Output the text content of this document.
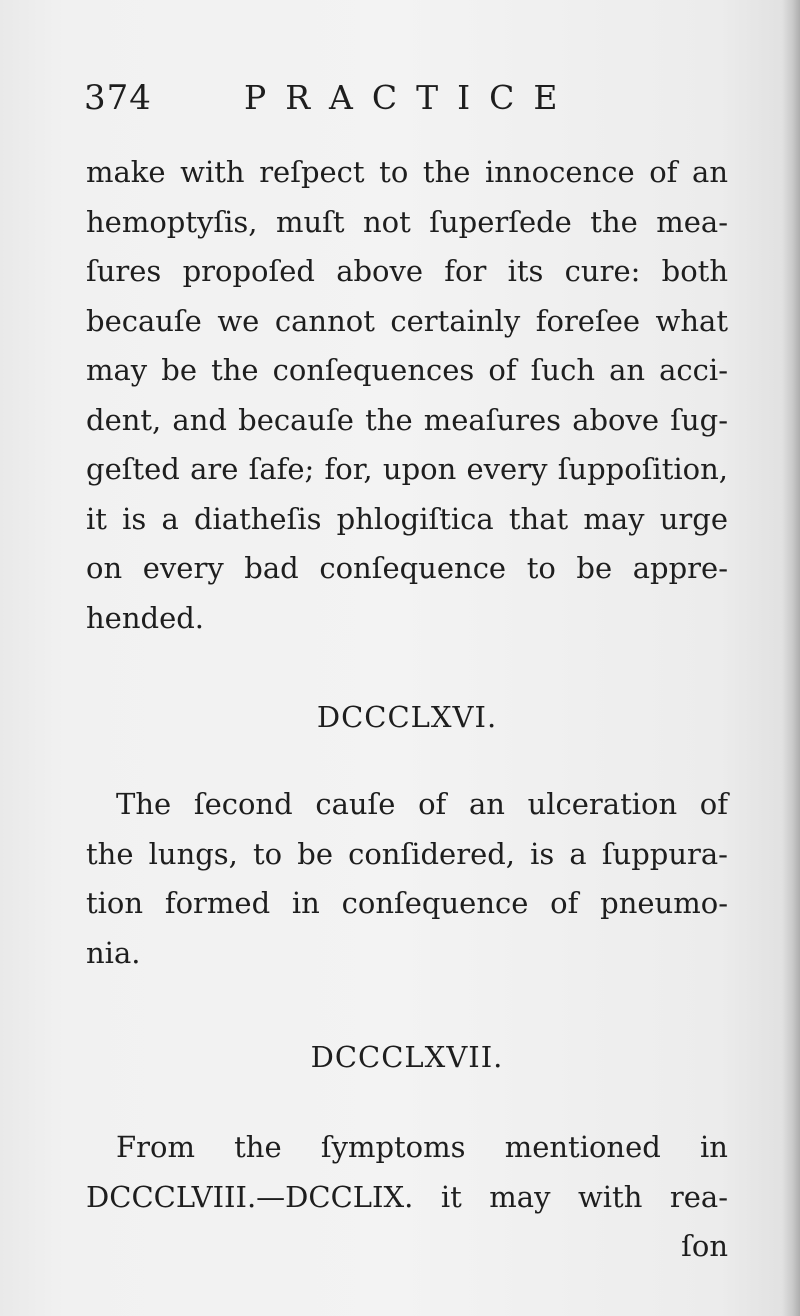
374	PRACTICE
make with reſpect to the innocence of an
hemoptyſis, muſt not ſuperſede the mea-
ſures propoſed above for its cure: both
becauſe we cannot certainly foreſee what
may be the conſequences of ſuch an acci-
dent, and becauſe the meaſures above ſug-
geſted are ſafe; for, upon every ſuppoſition,
it is a diatheſis phlogiſtica that may urge
on every bad conſequence to be appre-
hended.
DCCCLXVI.
The ſecond cauſe of an ulceration of
the lungs, to be conſidered, is a ſuppura-
tion formed in conſequence of pneumo-
nia.
DCCCLXVII.
From the ſymptoms mentioned in
DCCCLVIII.—DCCLIX. it may with rea-
ſon
